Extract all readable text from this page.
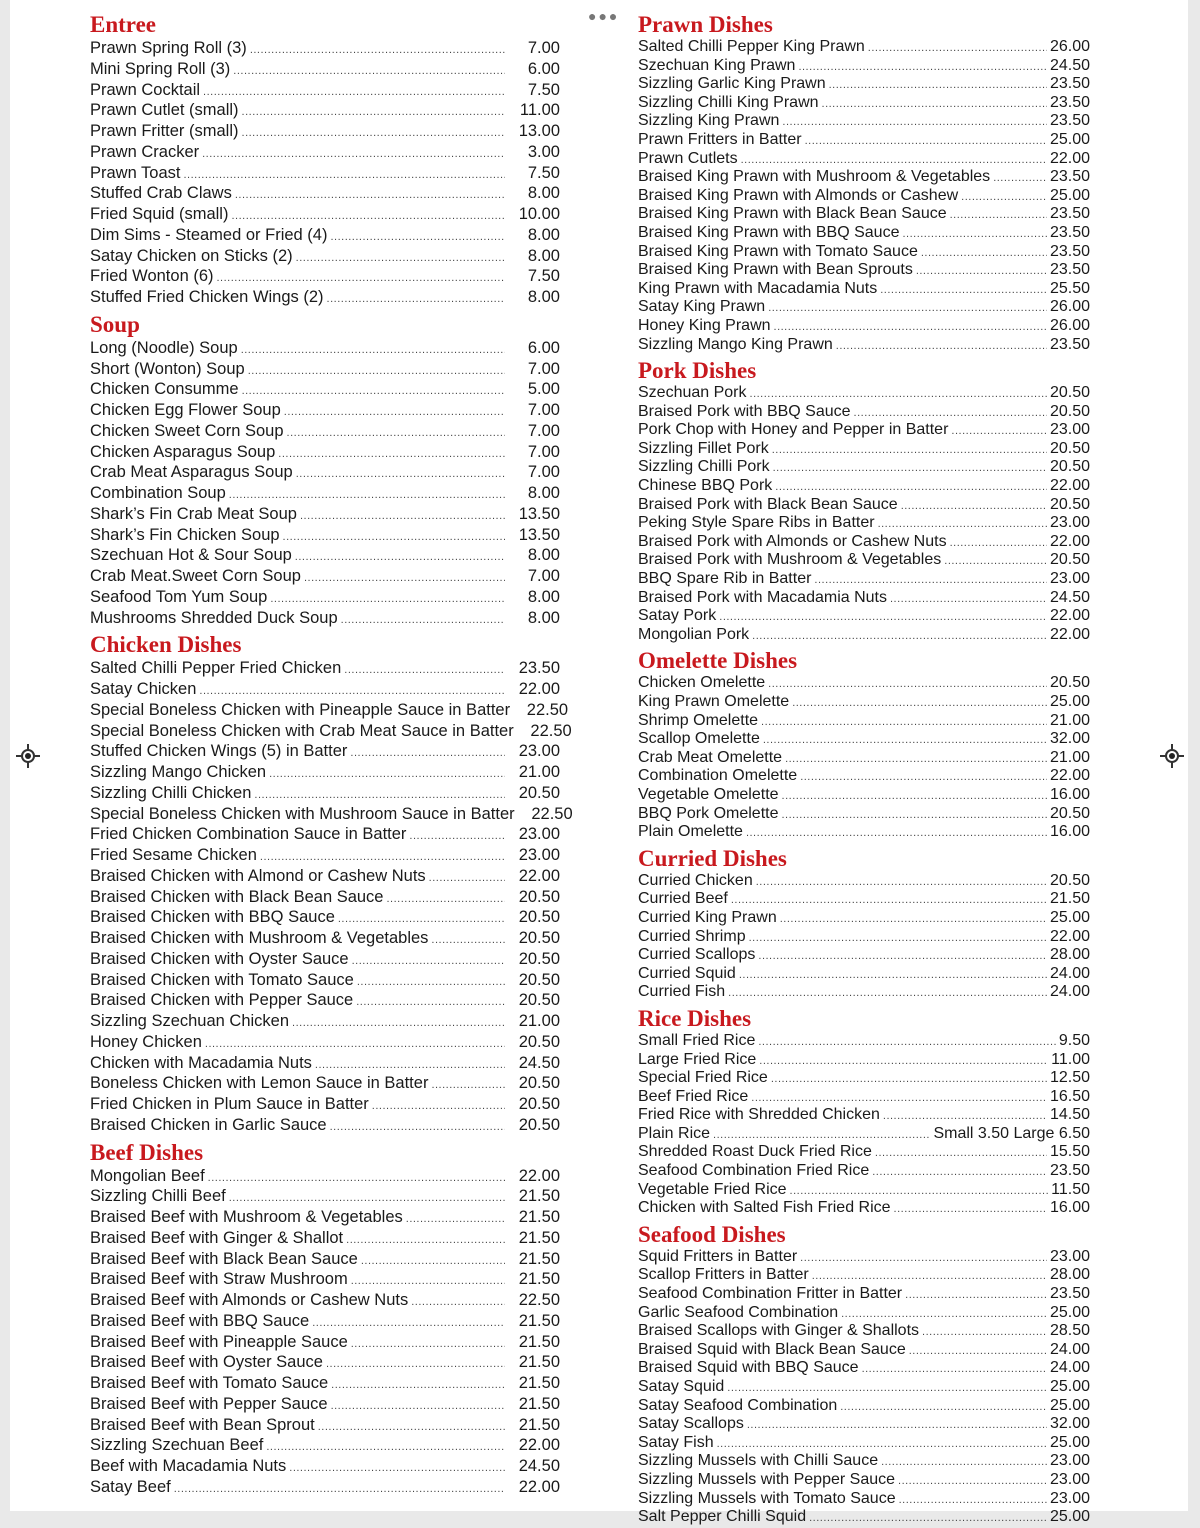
●●●
Entree
Prawn Spring Roll (3) .....	7.00
Mini Spring Roll (3) .....	6.00
Prawn Cocktail .....	7.50
Prawn Cutlet (small) .....	11.00
Prawn Fritter (small) .....	13.00
Prawn Cracker .....	3.00
Prawn Toast .....	7.50
Stuffed Crab Claws .....	8.00
Fried Squid (small) .....	10.00
Dim Sims - Steamed or Fried (4) .....	8.00
Satay Chicken on Sticks (2) .....	8.00
Fried Wonton (6) .....	7.50
Stuffed Fried Chicken Wings (2) .....	8.00
Soup
Long (Noodle) Soup .....	6.00
Short (Wonton) Soup .....	7.00
Chicken Consumme .....	5.00
Chicken Egg Flower Soup .....	7.00
Chicken Sweet Corn Soup .....	7.00
Chicken Asparagus Soup .....	7.00
Crab Meat Asparagus Soup .....	7.00
Combination Soup .....	8.00
Shark’s Fin Crab Meat Soup .....	13.50
Shark’s Fin Chicken Soup .....	13.50
Szechuan Hot & Sour Soup .....	8.00
Crab Meat.Sweet Corn Soup .....	7.00
Seafood Tom Yum Soup .....	8.00
Mushrooms Shredded Duck Soup .....	8.00
Chicken Dishes
Salted Chilli Pepper Fried Chicken .....	23.50
Satay Chicken .....	22.00
Special Boneless Chicken with Pineapple Sauce in Batter	22.50
Special Boneless Chicken with Crab Meat Sauce in Batter	22.50
Stuffed Chicken Wings (5) in Batter .....	23.00
Sizzling Mango Chicken .....	21.00
Sizzling Chilli Chicken .....	20.50
Special Boneless Chicken with Mushroom Sauce in Batter	22.50
Fried Chicken Combination Sauce in Batter .....	23.00
Fried Sesame Chicken .....	23.00
Braised Chicken with Almond or Cashew Nuts .....	22.00
Braised Chicken with Black Bean Sauce .....	20.50
Braised Chicken with BBQ Sauce .....	20.50
Braised Chicken with Mushroom & Vegetables .....	20.50
Braised Chicken with Oyster Sauce .....	20.50
Braised Chicken with Tomato Sauce .....	20.50
Braised Chicken with Pepper Sauce .....	20.50
Sizzling Szechuan Chicken .....	21.00
Honey Chicken .....	20.50
Chicken with Macadamia Nuts .....	24.50
Boneless Chicken with Lemon Sauce in Batter .....	20.50
Fried Chicken in Plum Sauce in Batter .....	20.50
Braised Chicken in Garlic Sauce .....	20.50
Beef Dishes
Mongolian Beef .....	22.00
Sizzling Chilli Beef .....	21.50
Braised Beef with Mushroom & Vegetables .....	21.50
Braised Beef with Ginger & Shallot .....	21.50
Braised Beef with Black Bean Sauce .....	21.50
Braised Beef with Straw Mushroom .....	21.50
Braised Beef with Almonds or Cashew Nuts .....	22.50
Braised Beef with BBQ Sauce .....	21.50
Braised Beef with Pineapple Sauce .....	21.50
Braised Beef with Oyster Sauce .....	21.50
Braised Beef with Tomato Sauce .....	21.50
Braised Beef with Pepper Sauce .....	21.50
Braised Beef with Bean Sprout .....	21.50
Sizzling Szechuan Beef .....	22.00
Beef with Macadamia Nuts .....	24.50
Satay Beef .....	22.00
Prawn Dishes
Salted Chilli Pepper King Prawn .....	26.00
Szechuan King Prawn .....	24.50
Sizzling Garlic King Prawn .....	23.50
Sizzling Chilli King Prawn .....	23.50
Sizzling King Prawn .....	23.50
Prawn Fritters in Batter .....	25.00
Prawn Cutlets .....	22.00
Braised King Prawn with Mushroom & Vegetables .....	23.50
Braised King Prawn with Almonds or Cashew .....	25.00
Braised King Prawn with Black Bean Sauce .....	23.50
Braised King Prawn with BBQ Sauce .....	23.50
Braised King Prawn with Tomato Sauce .....	23.50
Braised King Prawn with Bean Sprouts .....	23.50
King Prawn with Macadamia Nuts .....	25.50
Satay King Prawn .....	26.00
Honey King Prawn .....	26.00
Sizzling Mango King Prawn .....	23.50
Pork Dishes
Szechuan Pork .....	20.50
Braised Pork with BBQ Sauce .....	20.50
Pork Chop with Honey and Pepper in Batter .....	23.00
Sizzling Fillet Pork .....	20.50
Sizzling Chilli Pork .....	20.50
Chinese BBQ Pork .....	22.00
Braised Pork with Black Bean Sauce .....	20.50
Peking Style Spare Ribs in Batter .....	23.00
Braised Pork with Almonds or Cashew Nuts .....	22.00
Braised Pork with Mushroom & Vegetables .....	20.50
BBQ Spare Rib in Batter .....	23.00
Braised Pork with Macadamia Nuts .....	24.50
Satay Pork .....	22.00
Mongolian Pork .....	22.00
Omelette Dishes
Chicken Omelette .....	20.50
King Prawn Omelette .....	25.00
Shrimp Omelette .....	21.00
Scallop Omelette .....	32.00
Crab Meat Omelette .....	21.00
Combination Omelette .....	22.00
Vegetable Omelette .....	16.00
BBQ Pork Omelette .....	20.50
Plain Omelette .....	16.00
Curried Dishes
Curried Chicken .....	20.50
Curried Beef .....	21.50
Curried King Prawn .....	25.00
Curried Shrimp .....	22.00
Curried Scallops .....	28.00
Curried Squid .....	24.00
Curried Fish .....	24.00
Rice Dishes
Small Fried Rice .....	9.50
Large Fried Rice .....	11.00
Special Fried Rice .....	12.50
Beef Fried Rice .....	16.50
Fried Rice with Shredded Chicken .....	14.50
Plain Rice .....	Small 3.50 Large 6.50
Shredded Roast Duck Fried Rice .....	15.50
Seafood Combination Fried Rice .....	23.50
Vegetable Fried Rice .....	11.50
Chicken with Salted Fish Fried Rice .....	16.00
Seafood Dishes
Squid Fritters in Batter .....	23.00
Scallop Fritters in Batter .....	28.00
Seafood Combination Fritter in Batter .....	23.50
Garlic Seafood Combination .....	25.00
Braised Scallops with Ginger & Shallots .....	28.50
Braised Squid with Black Bean Sauce .....	24.00
Braised Squid with BBQ Sauce .....	24.00
Satay Squid .....	25.00
Satay Seafood Combination .....	25.00
Satay Scallops .....	32.00
Satay Fish .....	25.00
Sizzling Mussels with Chilli Sauce .....	23.00
Sizzling Mussels with Pepper Sauce .....	23.00
Sizzling Mussels with Tomato Sauce .....	23.00
Salt Pepper Chilli Squid .....	25.00
